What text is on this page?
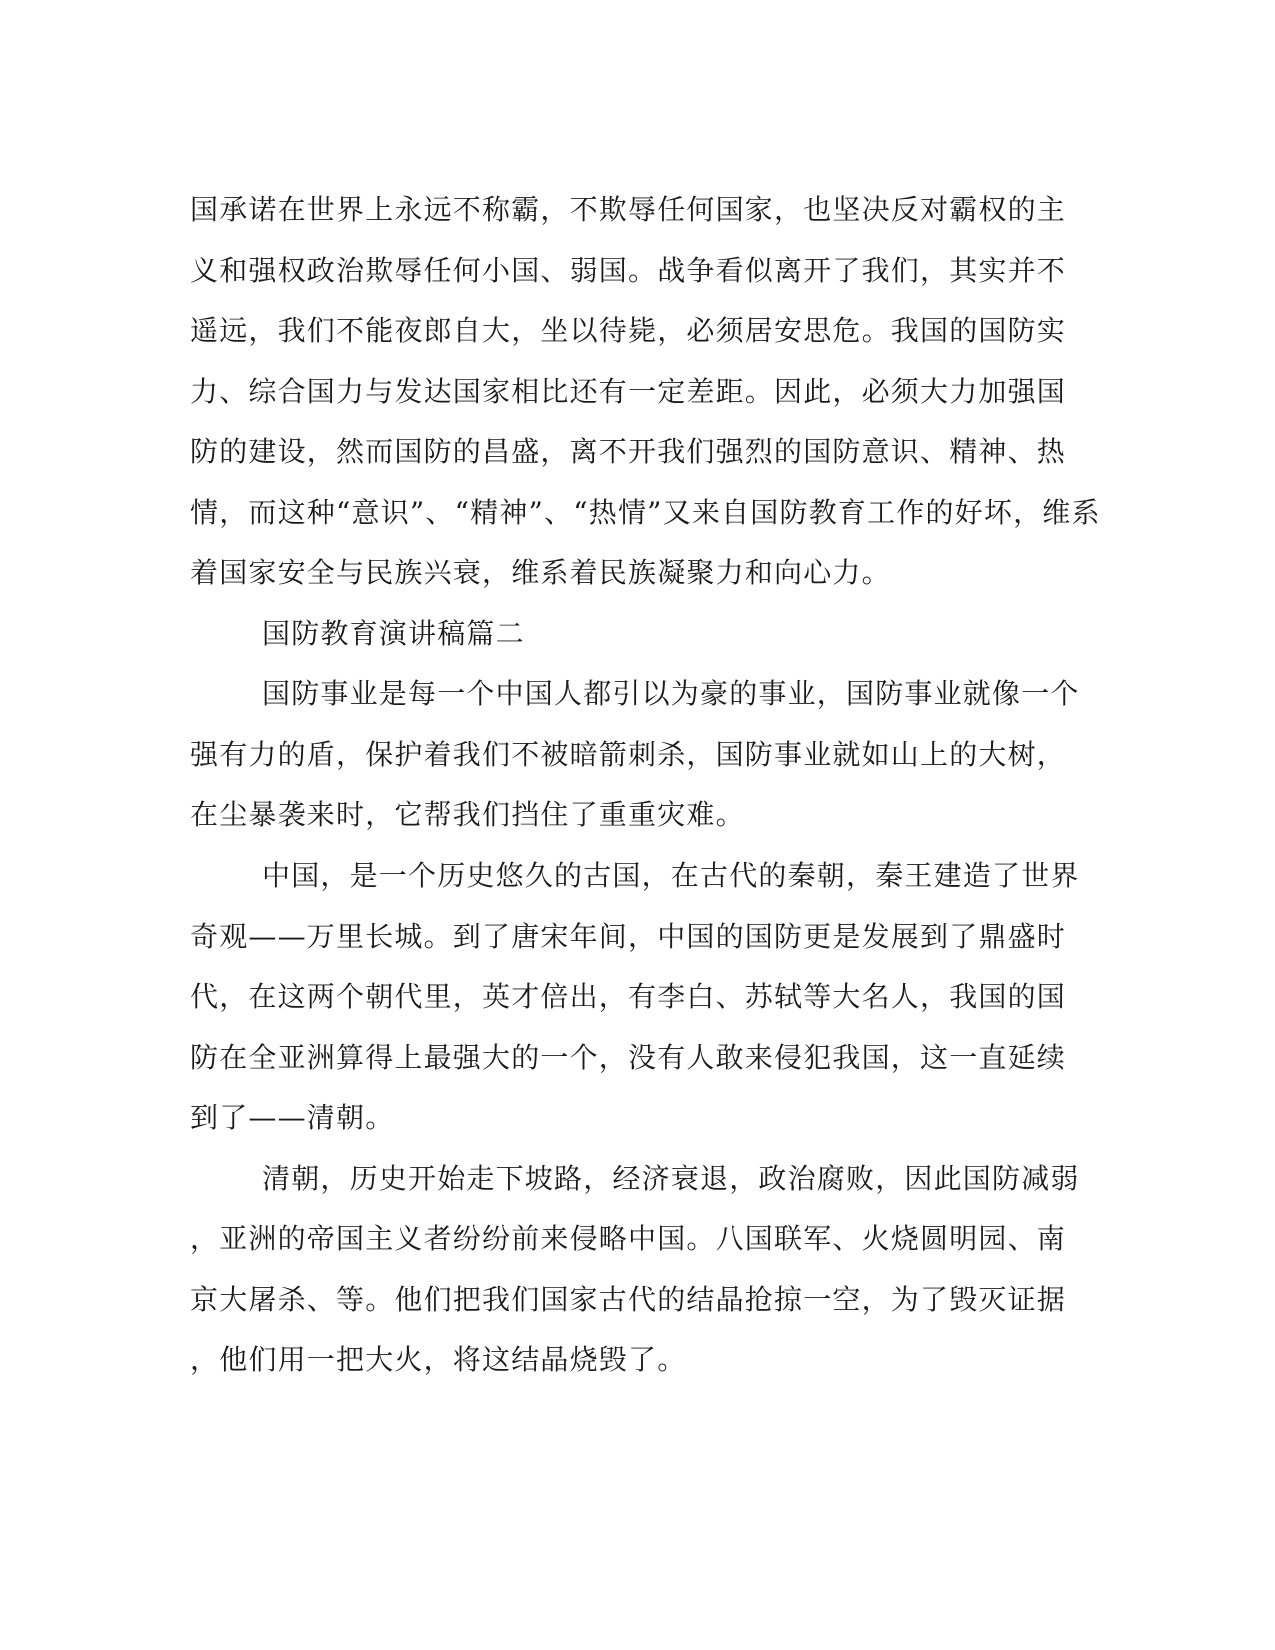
国承诺在世界上永远不称霸，不欺辱任何国家，也坚决反对霸权的主
义和强权政治欺辱任何小国、弱国。战争看似离开了我们，其实并不
遥远，我们不能夜郎自大，坐以待毙，必须居安思危。我国的国防实
力、综合国力与发达国家相比还有一定差距。因此，必须大力加强国
防的建设，然而国防的昌盛，离不开我们强烈的国防意识、精神、热
情，而这种“意识”、“精神”、“热情”又来自国防教育工作的好坏，维系
着国家安全与民族兴衰，维系着民族凝聚力和向心力。
国防教育演讲稿篇二
国防事业是每一个中国人都引以为豪的事业，国防事业就像一个
强有力的盾，保护着我们不被暗箭刺杀，国防事业就如山上的大树，
在尘暴袭来时，它帮我们挡住了重重灾难。
中国，是一个历史悠久的古国，在古代的秦朝，秦王建造了世界
奇观——万里长城。到了唐宋年间，中国的国防更是发展到了鼎盛时
代，在这两个朝代里，英才倍出，有李白、苏轼等大名人，我国的国
防在全亚洲算得上最强大的一个，没有人敢来侵犯我国，这一直延续
到了——清朝。
清朝，历史开始走下坡路，经济衰退，政治腐败，因此国防减弱
，亚洲的帝国主义者纷纷前来侵略中国。八国联军、火烧圆明园、南
京大屠杀、等。他们把我们国家古代的结晶抢掠一空，为了毁灭证据
，他们用一把大火，将这结晶烧毁了。
